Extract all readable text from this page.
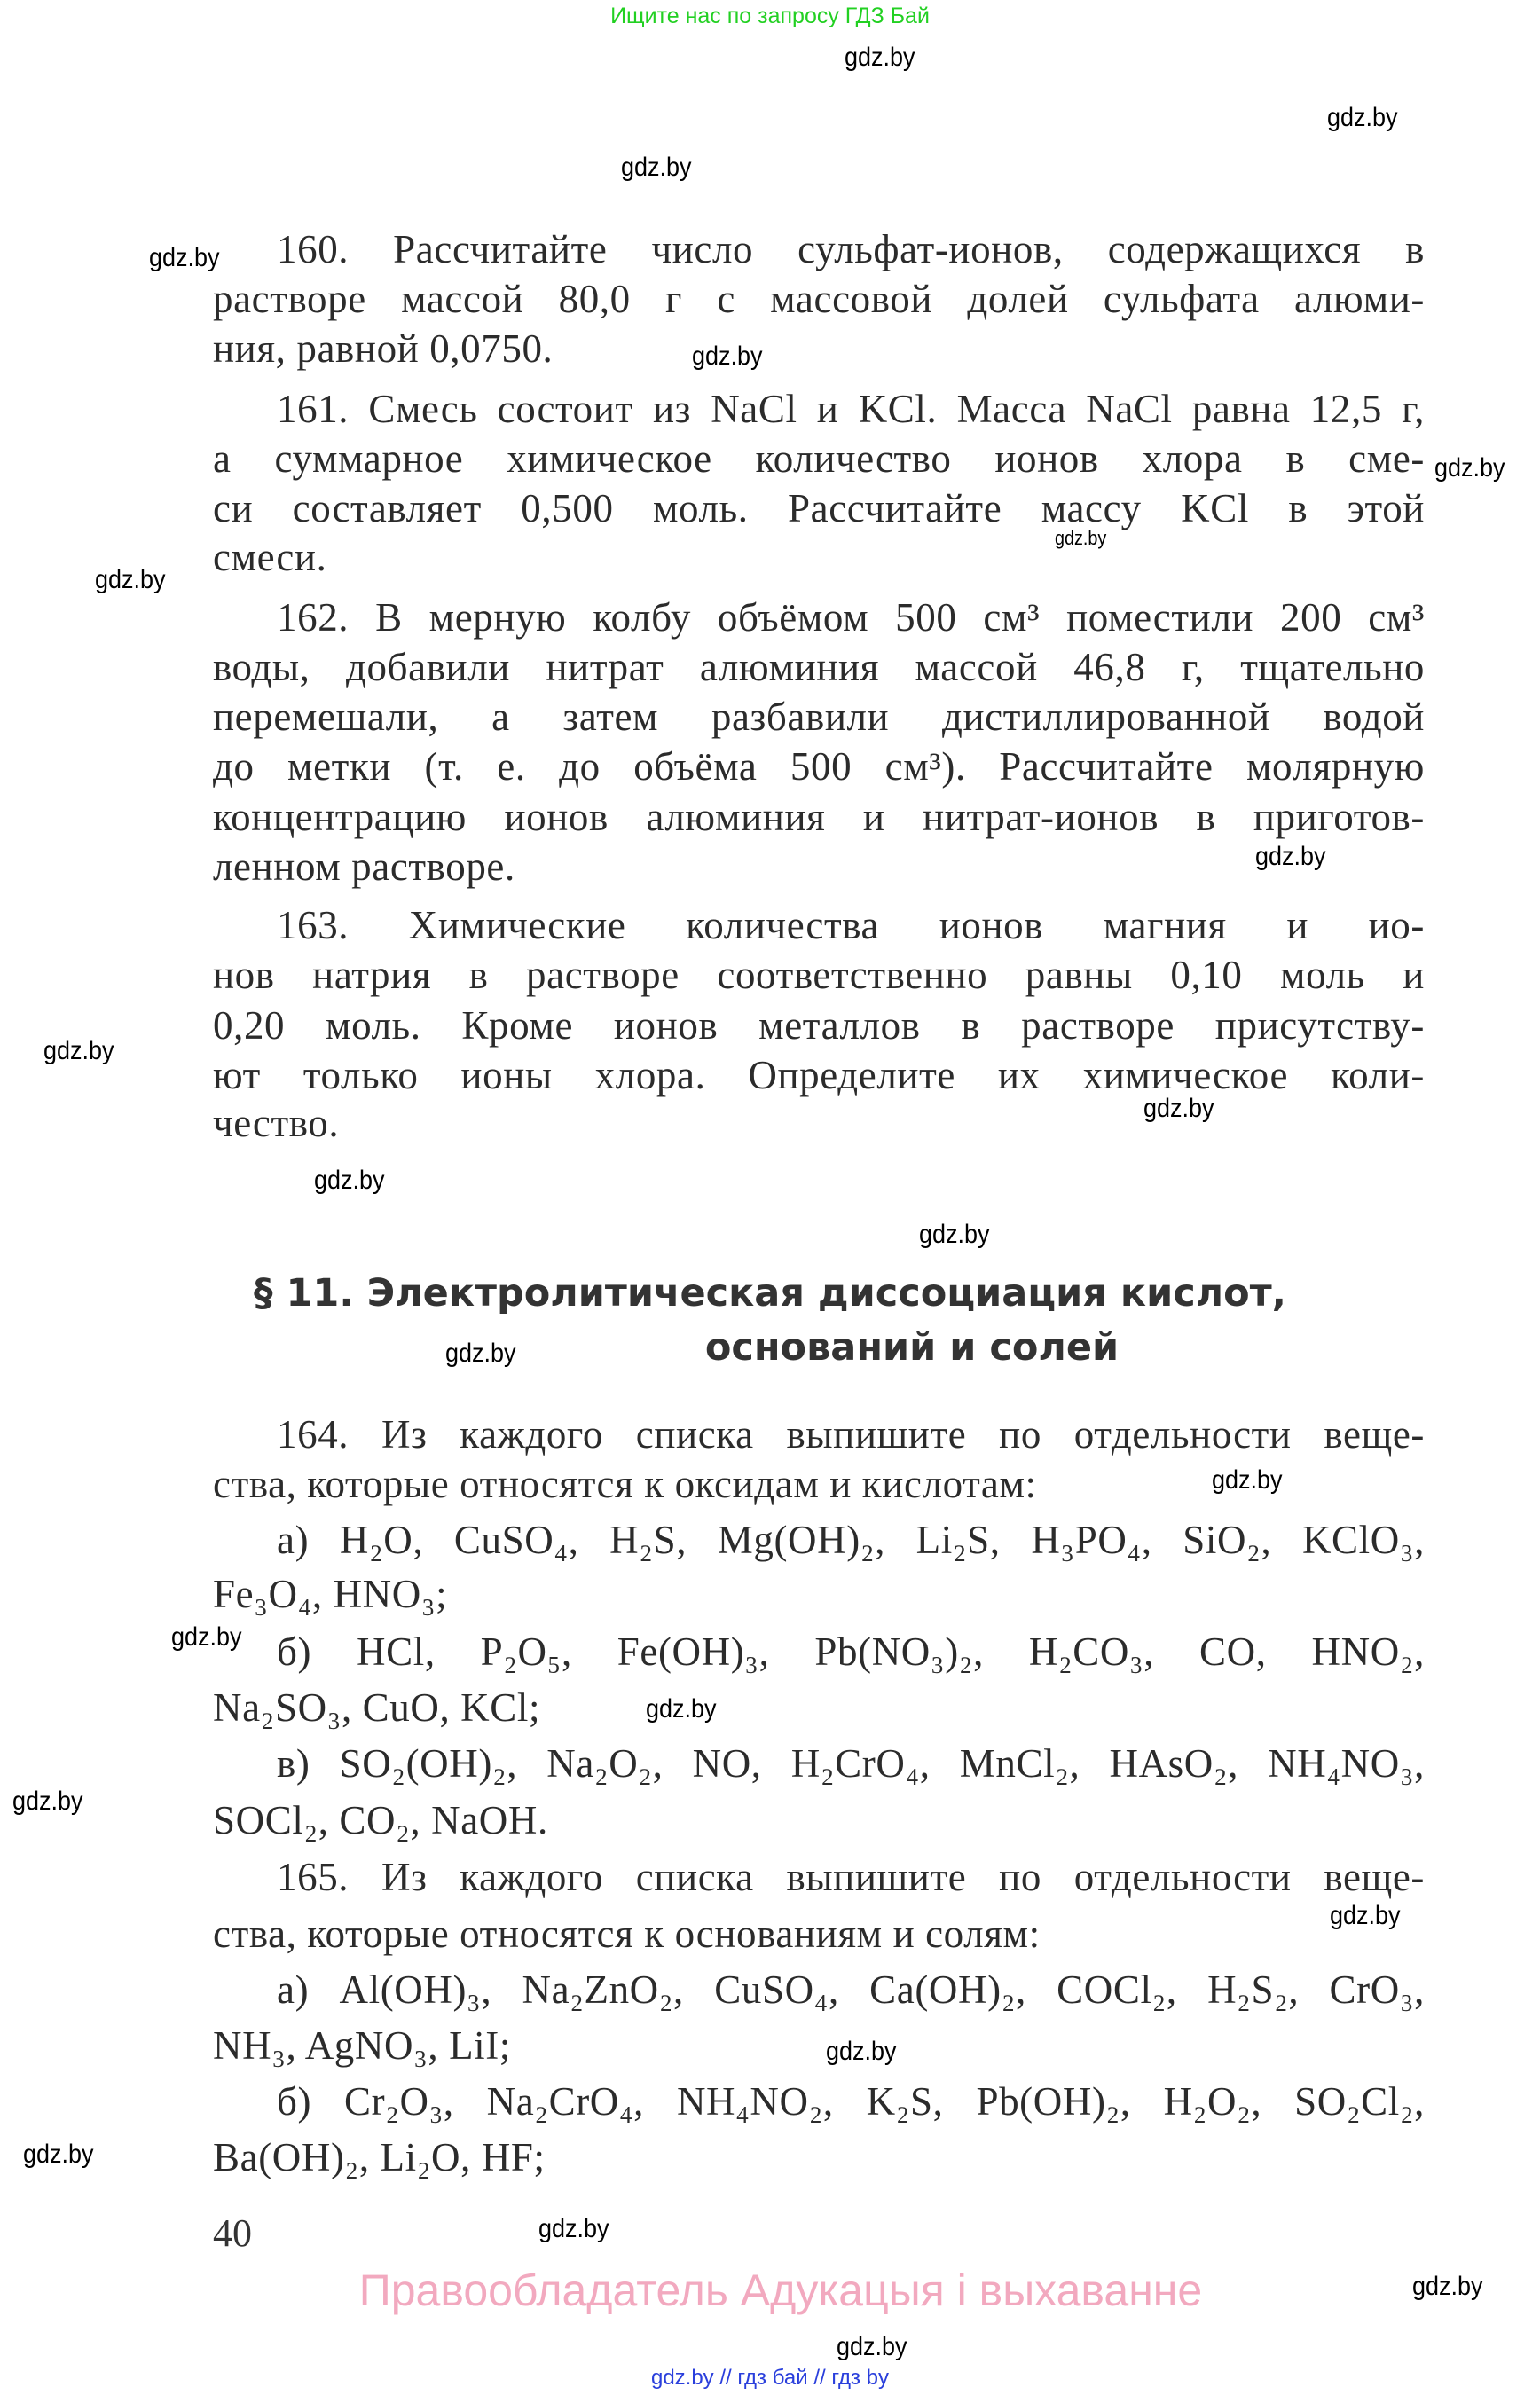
Ищите нас по запросу ГДЗ Бай
160. Рассчитайте число сульфат-ионов, содержащихся в
растворе массой 80,0 г с массовой долей сульфата алюми-
ния, равной 0,0750.
161. Смесь состоит из NaCl и KCl. Масса NaCl равна 12,5 г,
а суммарное химическое количество ионов хлора в сме-
си составляет 0,500 моль. Рассчитайте массу KCl в этой
смеси.
162. В мерную колбу объёмом 500 см³ поместили 200 см³
воды, добавили нитрат алюминия массой 46,8 г, тщательно
перемешали, а затем разбавили дистиллированной водой
до метки (т. е. до объёма 500 см³). Рассчитайте молярную
концентрацию ионов алюминия и нитрат-ионов в приготов-
ленном растворе.
163. Химические количества ионов магния и ио-
нов натрия в растворе соответственно равны 0,10 моль и
0,20 моль. Кроме ионов металлов в растворе присутству-
ют только ионы хлора. Определите их химическое коли-
чество.
164. Из каждого списка выпишите по отдельности веще-
ства, которые относятся к оксидам и кислотам:
а) H₂O, CuSO₄, H₂S, Mg(OH)₂, Li₂S, H₃PO₄, SiO₂, KClO₃,
Fe₃O₄, HNO₃;
б) HCl, P₂O₅, Fe(OH)₃, Pb(NO₃)₂, H₂CO₃, CO, HNO₂,
Na₂SO₃, CuO, KCl;
в) SO₂(OH)₂, Na₂O₂, NO, H₂CrO₄, MnCl₂, HAsO₂, NH₄NO₃,
SOCl₂, CO₂, NaOH.
165. Из каждого списка выпишите по отдельности веще-
ства, которые относятся к основаниям и солям:
а) Al(OH)₃, Na₂ZnO₂, CuSO₄, Ca(OH)₂, COCl₂, H₂S₂, CrO₃,
NH₃, AgNO₃, LiI;
б) Cr₂O₃, Na₂CrO₄, NH₄NO₂, K₂S, Pb(OH)₂, H₂O₂, SO₂Cl₂,
Ba(OH)₂, Li₂O, HF;
§ 11. Электролитическая диссоциация кислот,
оснований и солей
40
Правообладатель Адукацыя і выхаванне
gdz.by // гдз бай // гдз by
gdz.by
gdz.by
gdz.by
gdz.by
gdz.by
gdz.by
gdz.by
gdz.by
gdz.by
gdz.by
gdz.by
gdz.by
gdz.by
gdz.by
gdz.by
gdz.by
gdz.by
gdz.by
gdz.by
gdz.by
gdz.by
gdz.by
gdz.by
gdz.by
